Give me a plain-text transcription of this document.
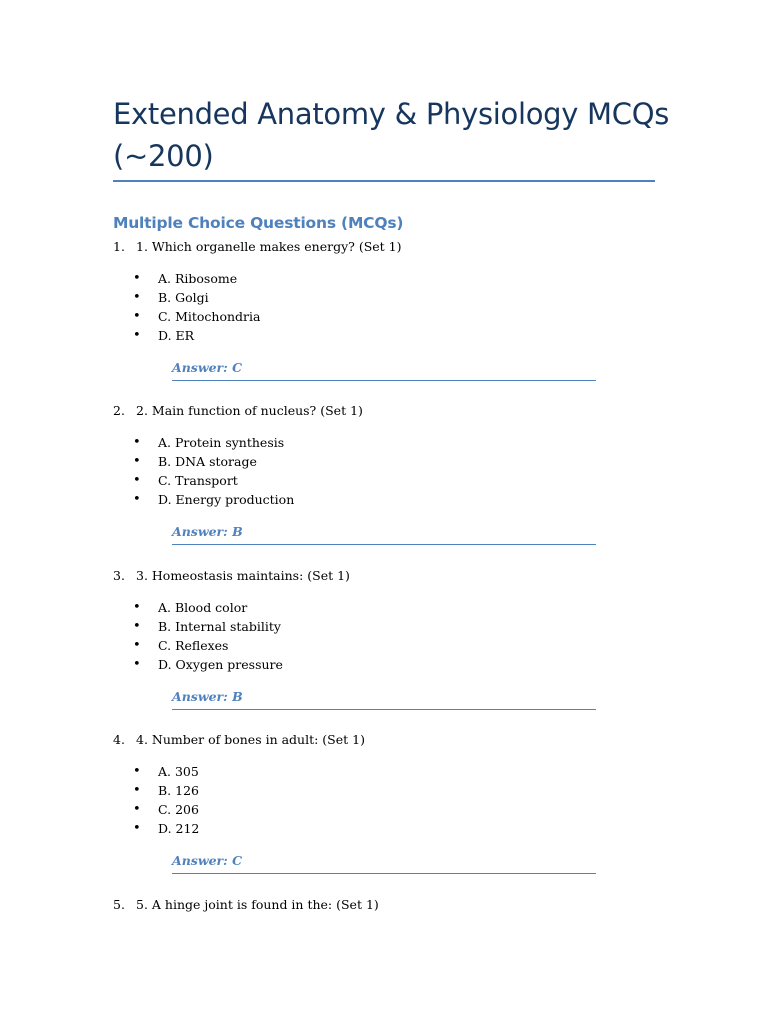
Extended Anatomy & Physiology MCQs (~200)
Multiple Choice Questions (MCQs)
1. 1. Which organelle makes energy? (Set 1)
• A. Ribosome
• B. Golgi
• C. Mitochondria
• D. ER
Answer: C
2. 2. Main function of nucleus? (Set 1)
• A. Protein synthesis
• B. DNA storage
• C. Transport
• D. Energy production
Answer: B
3. 3. Homeostasis maintains: (Set 1)
• A. Blood color
• B. Internal stability
• C. Reflexes
• D. Oxygen pressure
Answer: B
4. 4. Number of bones in adult: (Set 1)
• A. 305
• B. 126
• C. 206
• D. 212
Answer: C
5. 5. A hinge joint is found in the: (Set 1)
